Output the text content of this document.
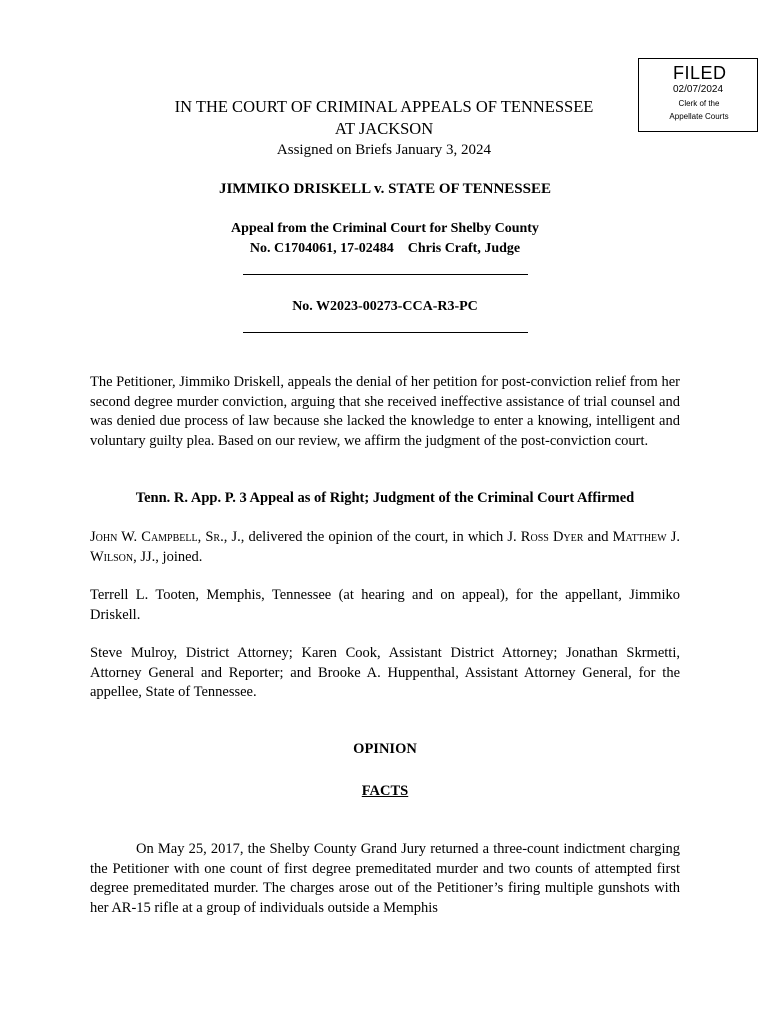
FILED
02/07/2024
Clerk of the
Appellate Courts
IN THE COURT OF CRIMINAL APPEALS OF TENNESSEE
AT JACKSON
Assigned on Briefs January 3, 2024
JIMMIKO DRISKELL v. STATE OF TENNESSEE
Appeal from the Criminal Court for Shelby County
No. C1704061, 17-02484    Chris Craft, Judge
No. W2023-00273-CCA-R3-PC
The Petitioner, Jimmiko Driskell, appeals the denial of her petition for post-conviction relief from her second degree murder conviction, arguing that she received ineffective assistance of trial counsel and was denied due process of law because she lacked the knowledge to enter a knowing, intelligent and voluntary guilty plea. Based on our review, we affirm the judgment of the post-conviction court.
Tenn. R. App. P. 3 Appeal as of Right; Judgment of the Criminal Court Affirmed
John W. Campbell, Sr., J., delivered the opinion of the court, in which J. Ross Dyer and Matthew J. Wilson, JJ., joined.
Terrell L. Tooten, Memphis, Tennessee (at hearing and on appeal), for the appellant, Jimmiko Driskell.
Steve Mulroy, District Attorney; Karen Cook, Assistant District Attorney; Jonathan Skrmetti, Attorney General and Reporter; and Brooke A. Huppenthal, Assistant Attorney General, for the appellee, State of Tennessee.
OPINION
FACTS
On May 25, 2017, the Shelby County Grand Jury returned a three-count indictment charging the Petitioner with one count of first degree premeditated murder and two counts of attempted first degree premeditated murder. The charges arose out of the Petitioner’s firing multiple gunshots with her AR-15 rifle at a group of individuals outside a Memphis
